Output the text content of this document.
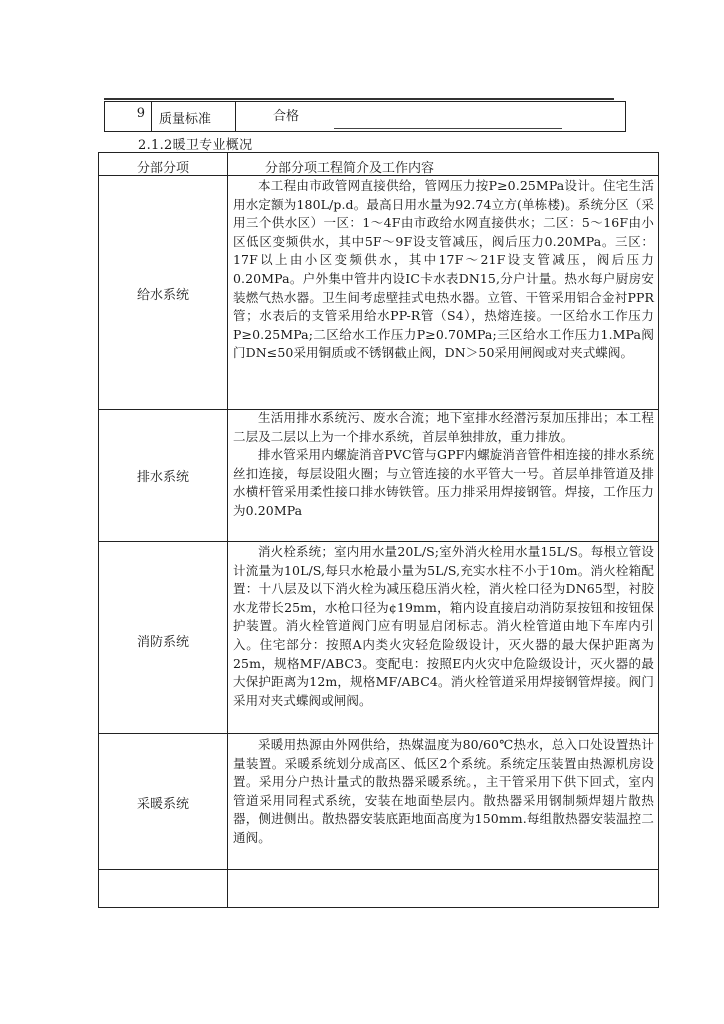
9 质量标准	合格
2.1.2暖卫专业概况
分部分项	分部分项工程简介及工作内容
给水系统

本工程由市政管网直接供给，管网压力按P≥0.25MPa设计。住宅生活用水定额为180L/p.d。最高日用水量为92.74立方(单栋楼)。系统分区（采用三个供水区）一区：1～4F由市政给水网直接供水；二区：5～16F由小区低区变频供水，其中5F～9F设支管减压，阀后压力0.20MPa。三区：17F以上由小区变频供水，其中17F～21F设支管减压，阀后压力0.20MPa。户外集中管井内设IC卡水表DN15,分户计量。热水每户厨房安装燃气热水器。卫生间考虑壁挂式电热水器。立管、干管采用铝合金衬PPR管；水表后的支管采用给水PP-R管（S4），热熔连接。一区给水工作压力P≥0.25MPa;二区给水工作压力P≥0.70MPa;三区给水工作压力1.MPa阀门DN≤50采用铜质或不锈钢截止阀，DN＞50采用闸阀或对夹式蝶阀。

排水系统

生活用排水系统污、废水合流；地下室排水经潜污泵加压排出；本工程二层及二层以上为一个排水系统，首层单独排放，重力排放。

排水管采用内螺旋消音PVC管与GPF内螺旋消音管件相连接的排水系统丝扣连接，每层设阻火圈；与立管连接的水平管大一号。首层单排管道及排水横杆管采用柔性接口排水铸铁管。压力排采用焊接钢管。焊接，工作压力为0.20MPa

消防系统

消火栓系统；室内用水量20L/S;室外消火栓用水量15L/S。每根立管设计流量为10L/S,每只水枪最小量为5L/S,充实水柱不小于10m。消火栓箱配置：十八层及以下消火栓为减压稳压消火栓，消火栓口径为DN65型，衬胶水龙带长25m，水枪口径为¢19mm，箱内设直接启动消防泵按钮和按钮保护装置。消火栓管道阀门应有明显启闭标志。消火栓管道由地下车库内引入。住宅部分：按照A内类火灾轻危险级设计，灭火器的最大保护距离为25m，规格MF/ABC3。变配电：按照E内火灾中危险级设计，灭火器的最大保护距离为12m，规格MF/ABC4。消火栓管道采用焊接钢管焊接。阀门采用对夹式蝶阀或闸阀。

采暖系统

采暖用热源由外网供给，热媒温度为80/60℃热水，总入口处设置热计量装置。采暖系统划分成高区、低区2个系统。系统定压装置由热源机房设置。采用分户热计量式的散热器采暖系统。，主干管采用下供下回式，室内管道采用同程式系统，安装在地面垫层内。散热器采用钢制频焊翅片散热器，侧进侧出。散热器安装底距地面高度为150mm.每组散热器安装温控二通阀。
